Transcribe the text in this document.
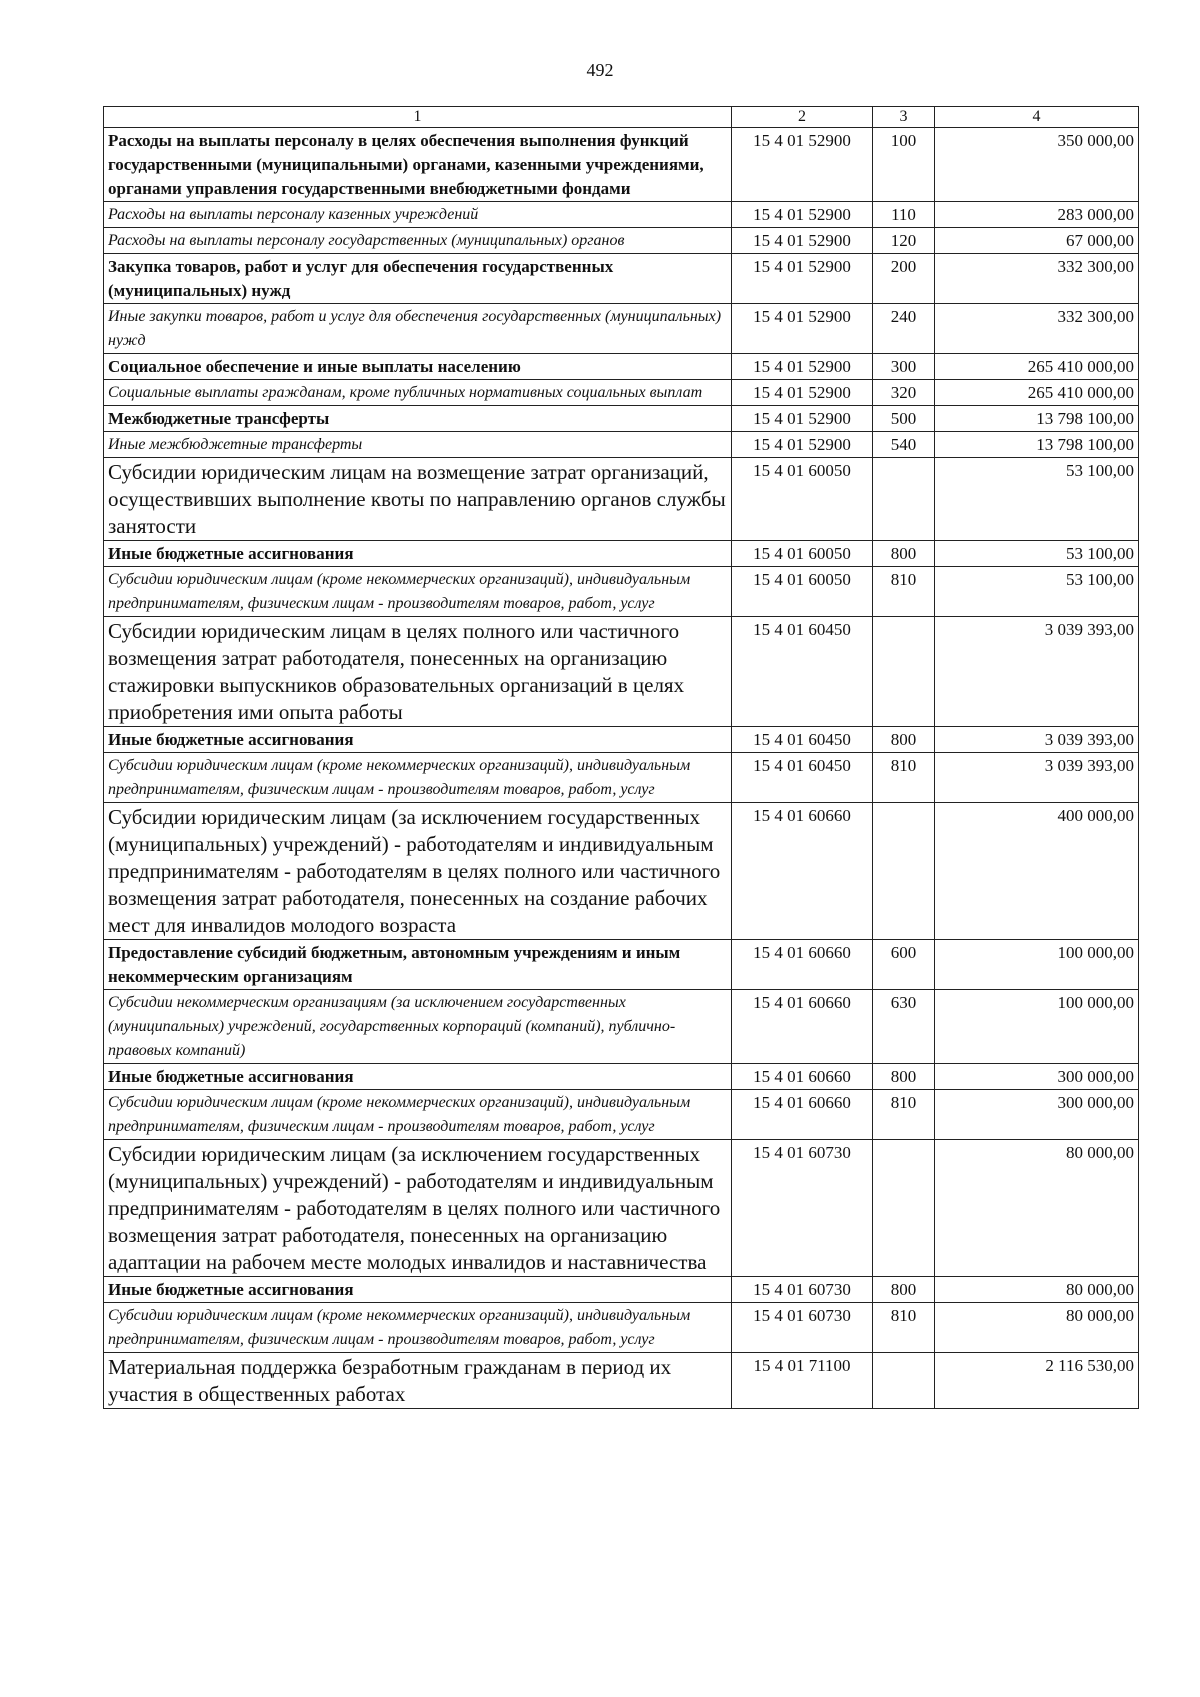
492
1	2	3	4
Расходы на выплаты персоналу в целях обеспечения выполнения функций государственными (муниципальными) органами, казенными учреждениями, органами управления государственными внебюджетными фондами	15 4 01 52900	100	350 000,00
Расходы на выплаты персоналу казенных учреждений	15 4 01 52900	110	283 000,00
Расходы на выплаты персоналу государственных (муниципальных) органов	15 4 01 52900	120	67 000,00
Закупка товаров, работ и услуг для обеспечения государственных (муниципальных) нужд	15 4 01 52900	200	332 300,00
Иные закупки товаров, работ и услуг для обеспечения государственных (муниципальных) нужд	15 4 01 52900	240	332 300,00
Социальное обеспечение и иные выплаты населению	15 4 01 52900	300	265 410 000,00
Социальные выплаты гражданам, кроме публичных нормативных социальных выплат	15 4 01 52900	320	265 410 000,00
Межбюджетные трансферты	15 4 01 52900	500	13 798 100,00
Иные межбюджетные трансферты	15 4 01 52900	540	13 798 100,00
Субсидии юридическим лицам на возмещение затрат организаций, осуществивших выполнение квоты по направлению органов службы занятости	15 4 01 60050		53 100,00
Иные бюджетные ассигнования	15 4 01 60050	800	53 100,00
Субсидии юридическим лицам (кроме некоммерческих организаций), индивидуальным предпринимателям, физическим лицам - производителям товаров, работ, услуг	15 4 01 60050	810	53 100,00
Субсидии юридическим лицам в целях полного или частичного возмещения затрат работодателя, понесенных на организацию стажировки выпускников образовательных организаций в целях приобретения ими опыта работы	15 4 01 60450		3 039 393,00
Иные бюджетные ассигнования	15 4 01 60450	800	3 039 393,00
Субсидии юридическим лицам (кроме некоммерческих организаций), индивидуальным предпринимателям, физическим лицам - производителям товаров, работ, услуг	15 4 01 60450	810	3 039 393,00
Субсидии юридическим лицам (за исключением государственных (муниципальных) учреждений) - работодателям и индивидуальным предпринимателям - работодателям в целях полного или частичного возмещения затрат работодателя, понесенных на создание рабочих мест для инвалидов молодого возраста	15 4 01 60660		400 000,00
Предоставление субсидий бюджетным, автономным учреждениям и иным некоммерческим организациям	15 4 01 60660	600	100 000,00
Субсидии некоммерческим организациям (за исключением государственных (муниципальных) учреждений, государственных корпораций (компаний), публично-правовых компаний)	15 4 01 60660	630	100 000,00
Иные бюджетные ассигнования	15 4 01 60660	800	300 000,00
Субсидии юридическим лицам (кроме некоммерческих организаций), индивидуальным предпринимателям, физическим лицам - производителям товаров, работ, услуг	15 4 01 60660	810	300 000,00
Субсидии юридическим лицам (за исключением государственных (муниципальных) учреждений) - работодателям и индивидуальным предпринимателям - работодателям в целях полного или частичного возмещения затрат работодателя, понесенных на организацию адаптации на рабочем месте молодых инвалидов и наставничества	15 4 01 60730		80 000,00
Иные бюджетные ассигнования	15 4 01 60730	800	80 000,00
Субсидии юридическим лицам (кроме некоммерческих организаций), индивидуальным предпринимателям, физическим лицам - производителям товаров, работ, услуг	15 4 01 60730	810	80 000,00
Материальная поддержка безработным гражданам в период их участия в общественных работах	15 4 01 71100		2 116 530,00
